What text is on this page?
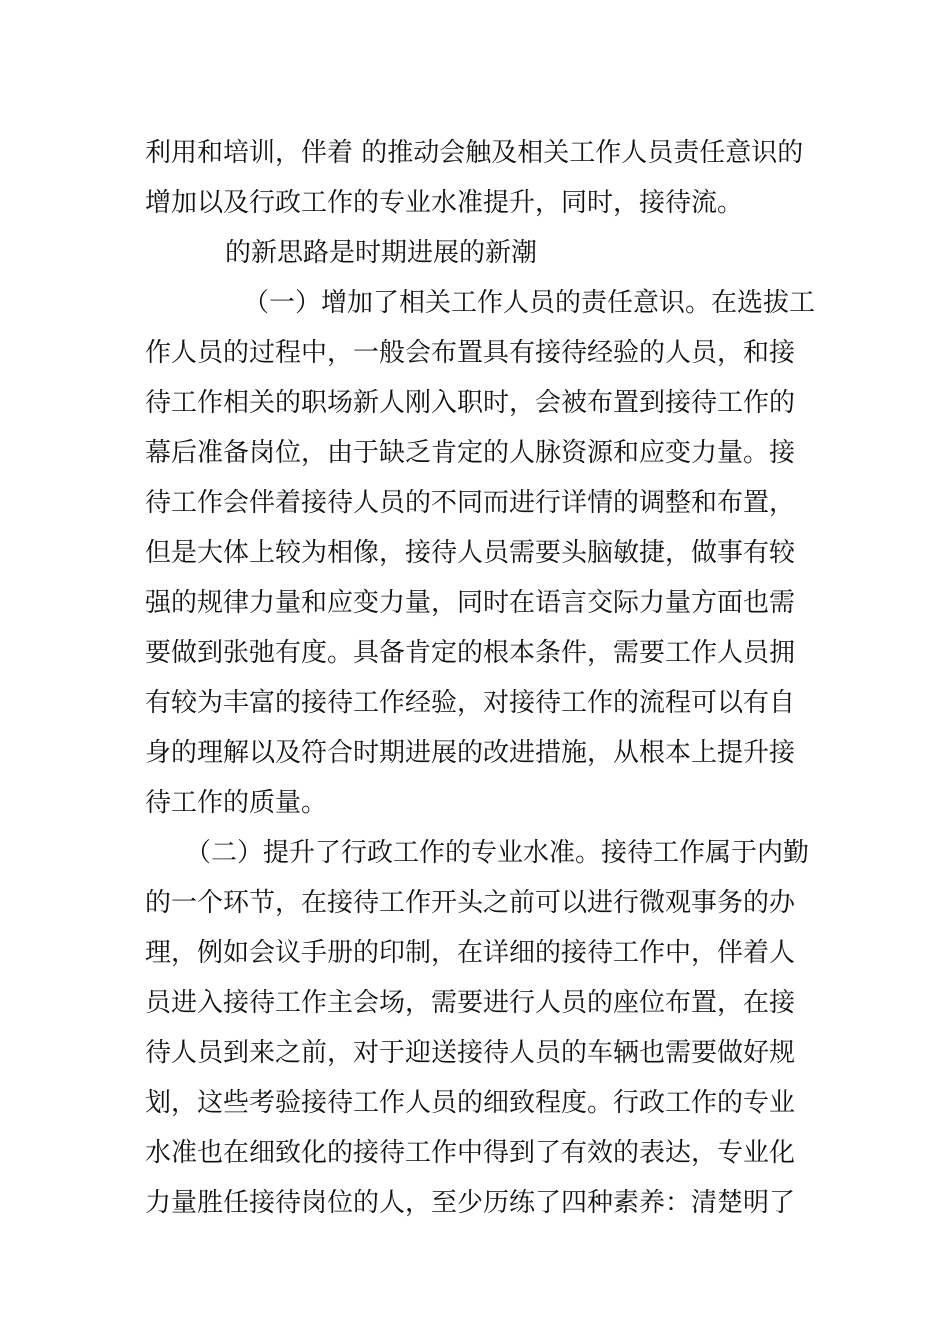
利用和培训，伴着 的推动会触及相关工作人员责任意识的
增加以及行政工作的专业水准提升，同时，接待流。
的新思路是时期进展的新潮
（一）增加了相关工作人员的责任意识。在选拔工
作人员的过程中，一般会布置具有接待经验的人员，和接
待工作相关的职场新人刚入职时，会被布置到接待工作的
幕后准备岗位，由于缺乏肯定的人脉资源和应变力量。接
待工作会伴着接待人员的不同而进行详情的调整和布置，
但是大体上较为相像，接待人员需要头脑敏捷，做事有较
强的规律力量和应变力量，同时在语言交际力量方面也需
要做到张弛有度。具备肯定的根本条件，需要工作人员拥
有较为丰富的接待工作经验，对接待工作的流程可以有自
身的理解以及符合时期进展的改进措施，从根本上提升接
待工作的质量。
（二）提升了行政工作的专业水准。接待工作属于内勤
的一个环节，在接待工作开头之前可以进行微观事务的办
理，例如会议手册的印制，在详细的接待工作中，伴着人
员进入接待工作主会场，需要进行人员的座位布置，在接
待人员到来之前，对于迎送接待人员的车辆也需要做好规
划，这些考验接待工作人员的细致程度。行政工作的专业
水准也在细致化的接待工作中得到了有效的表达，专业化
力量胜任接待岗位的人，至少历练了四种素养：清楚明了
